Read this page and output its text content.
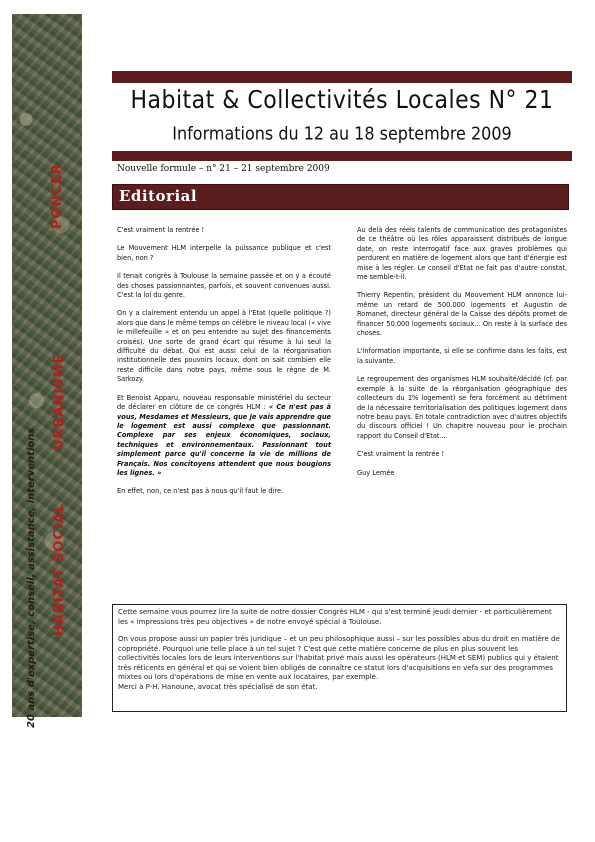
PONCER
URBANISME
HABITAT SOCIAL
20 ans d'expertise, conseil, assistance, interventions
Habitat & Collectivités Locales N° 21
Informations du 12 au 18 septembre 2009
Nouvelle formule – n° 21 – 21 septembre 2009
Editorial

C'est vraiment la rentrée !

Le Mouvement HLM interpelle la puissance publique et c'est bien, non ?

Il tenait congrès à Toulouse la semaine passée et on y a écouté des choses passionnantes, parfois, et souvent convenues aussi. C'est la loi du genre.

On y a clairement entendu un appel à l'Etat (quelle politique ?) alors que dans le même temps on célèbre le niveau local (« vive le millefeuille » et on peu entendre au sujet des financements croisés). Une sorte de grand écart qui résume à lui seul la difficulté du débat. Qui est aussi celui de la réorganisation institutionnelle des pouvoirs locaux, dont on sait combien elle reste difficile dans notre pays, même sous le règne de M. Sarkozy.

Et Benoist Apparu, nouveau responsable ministériel du secteur de déclarer en clôture de ce congrès HLM : « Ce n'est pas à vous, Mesdames et Messieurs, que je vais apprendre que le logement est aussi complexe que passionnant. Complexe par ses enjeux économiques, sociaux, techniques et environnementaux. Passionnant tout simplement parce qu'il concerne la vie de millions de Français. Nos concitoyens attendent que nous bougions les lignes. »

En effet, non, ce n'est pas à nous qu'il faut le dire.

Au delà des réels talents de communication des protagonistes de ce théâtre où les rôles apparaissent distribués de longue date, on reste interrogatif face aux graves problèmes qui perdurent en matière de logement alors que tant d'énergie est mise à les régler. Le conseil d'Etat ne fait pas d'autre constat, me semble-t-il.

Thierry Repentin, président du Mouvement HLM annonce lui-même un retard de 500.000 logements et Augustin de Romanet, directeur général de la Caisse des dépôts promet de financer 50.000 logements sociaux... On reste à la surface des choses.

L'information importante, si elle se confirme dans les faits, est la suivante.

Le regroupement des organismes HLM souhaité/décidé (cf. par exemple à la suite de la réorganisation géographique des collecteurs du 1% logement) se fera forcément au détriment de la nécessaire territorialisation des politiques logement dans notre beau pays. En totale contradiction avec d'autres objectifs du discours officiel ! Un chapitre nouveau pour le prochain rapport du Conseil d'Etat...

C'est vraiment la rentrée !

Guy Lemée

Cette semaine vous pourrez lire la suite de notre dossier Congrès HLM - qui s'est terminé jeudi dernier - et particulièrement les « impressions très peu objectives » de notre envoyé spécial à Toulouse.

On vous propose aussi un papier très juridique – et un peu philosophique aussi – sur les possibles abus du droit en matière de copropriété. Pourquoi une telle place à un tel sujet ? C'est que cette matière concerne de plus en plus souvent les collectivités locales lors de leurs interventions sur l'habitat privé mais aussi les opérateurs (HLM et SEM) publics qui y étaient très réticents en général et qui se voient bien obligés de connaître ce statut lors d'acquisitions en vefa sur des programmes mixtes ou lors d'opérations de mise en vente aux locataires, par exemple.

Merci à P-H. Hanoune, avocat très spécialisé de son état.
